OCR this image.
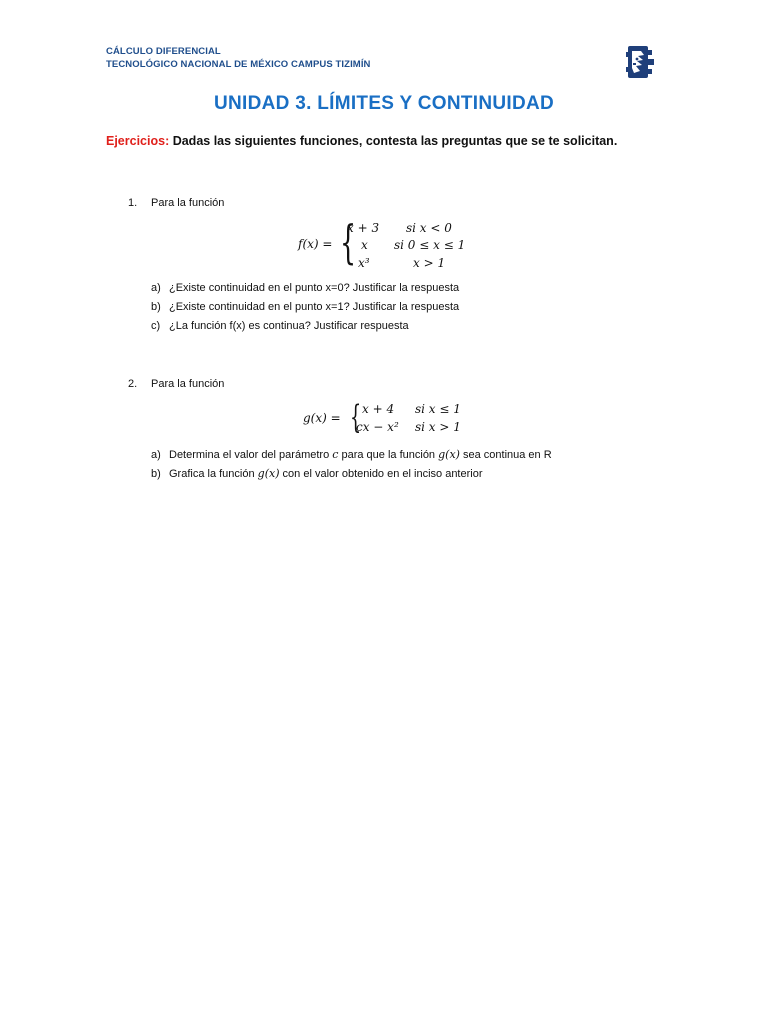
CÁLCULO DIFERENCIAL
TECNOLÓGICO NACIONAL DE MÉXICO CAMPUS TIZIMÍN
UNIDAD 3. LÍMITES Y CONTINUIDAD
Ejercicios: Dadas las siguientes funciones, contesta las preguntas que se te solicitan.
1. Para la función
f(x) = {
x + 3 si x < 0
x si 0 ≤ x ≤ 1
x³	x > 1
a) ¿Existe continuidad en el punto x=0? Justificar la respuesta
b) ¿Existe continuidad en el punto x=1? Justificar la respuesta
c) ¿La función f(x) es continua? Justificar respuesta
2. Para la función
g(x) = { x + 4 si x ≤ 1
cx − x² si x > 1
a) Determina el valor del parámetro c para que la función g(x) sea continua en R
b) Grafica la función g(x) con el valor obtenido en el inciso anterior
